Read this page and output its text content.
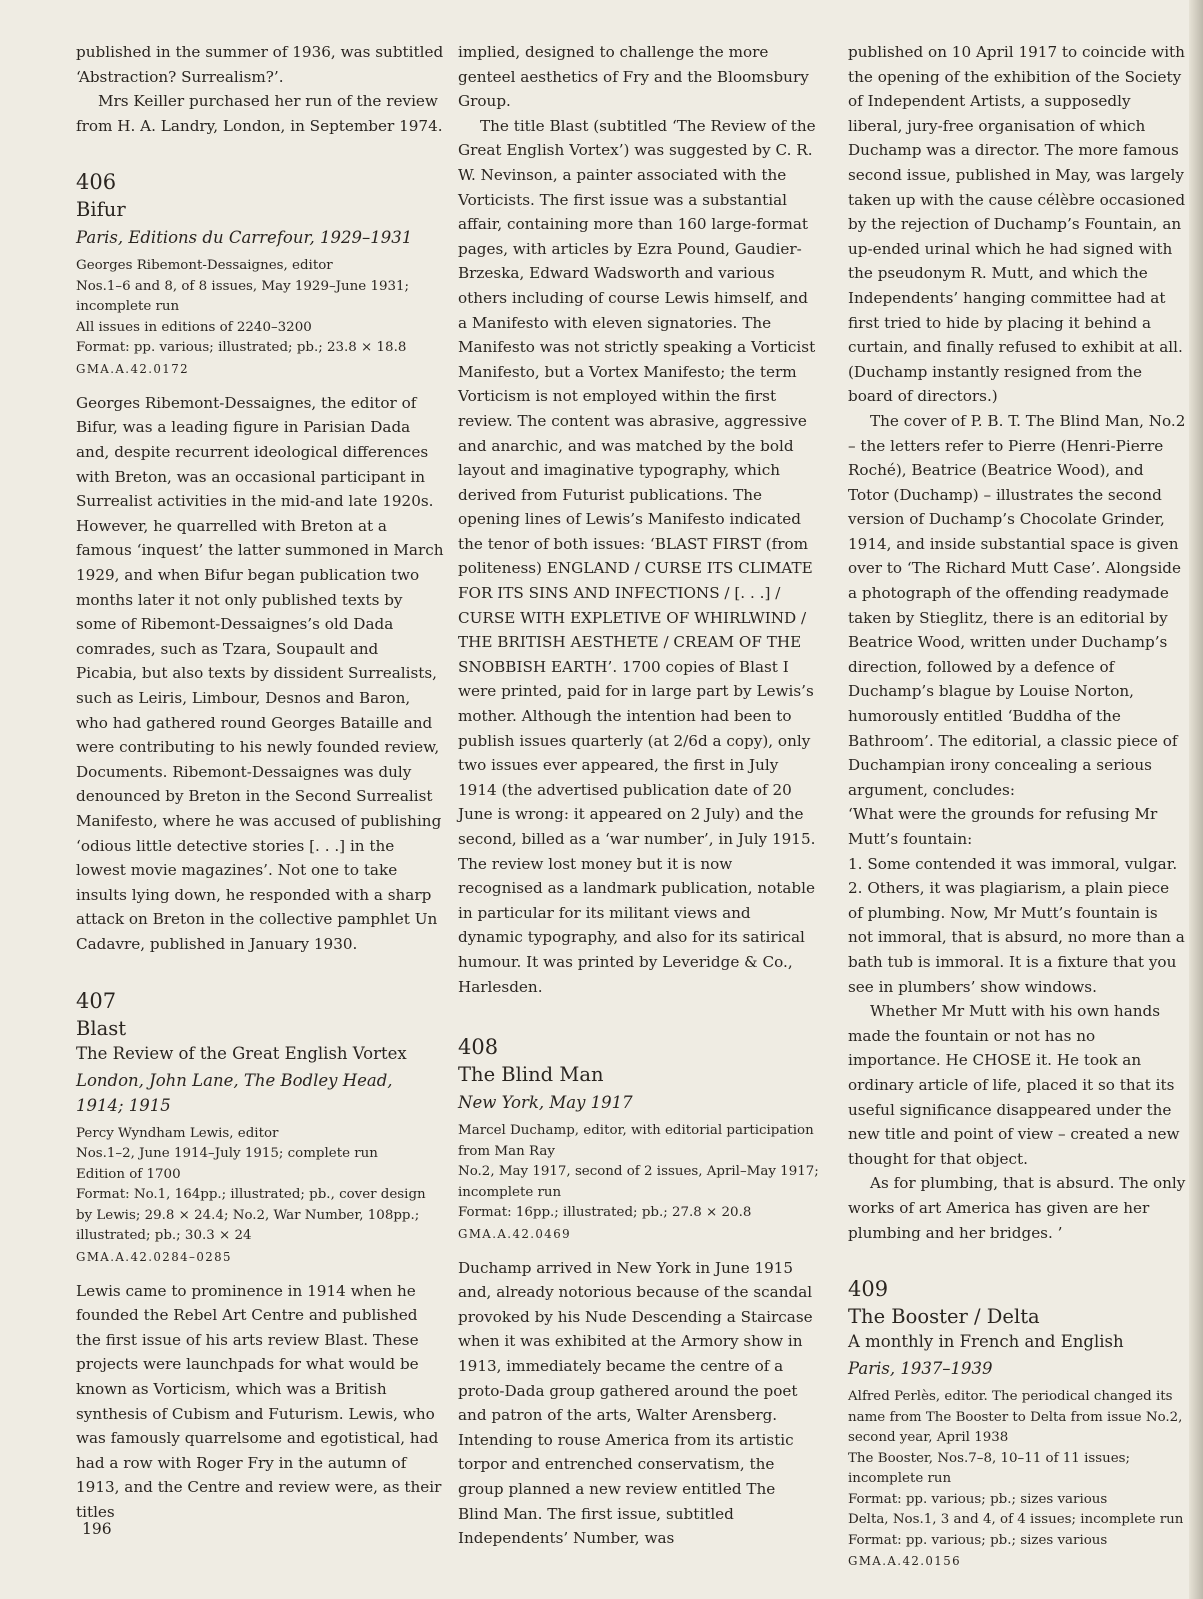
published in the summer of 1936, was subtitled ‘Abstraction? Surrealism?’.

Mrs Keiller purchased her run of the review from H. A. Landry, London, in September 1974.

406
Bifur
Paris, Editions du Carrefour, 1929–1931
Georges Ribemont-Dessaignes, editor
Nos.1–6 and 8, of 8 issues, May 1929–June 1931; incomplete run
All issues in editions of 2240–3200
Format: pp. various; illustrated; pb.; 23.8 × 18.8
GMA.A.42.0172

Georges Ribemont-Dessaignes, the editor of Bifur, was a leading figure in Parisian Dada and, despite recurrent ideological differences with Breton, was an occasional participant in Surrealist activities in the mid-and late 1920s. However, he quarrelled with Breton at a famous ‘inquest’ the latter summoned in March 1929, and when Bifur began publication two months later it not only published texts by some of Ribemont-Dessaignes’s old Dada comrades, such as Tzara, Soupault and Picabia, but also texts by dissident Surrealists, such as Leiris, Limbour, Desnos and Baron, who had gathered round Georges Bataille and were contributing to his newly founded review, Documents. Ribemont-Dessaignes was duly denounced by Breton in the Second Surrealist Manifesto, where he was accused of publishing ‘odious little detective stories [. . .] in the lowest movie magazines’. Not one to take insults lying down, he responded with a sharp attack on Breton in the collective pamphlet Un Cadavre, published in January 1930.

407
Blast
The Review of the Great English Vortex
London, John Lane, The Bodley Head, 1914; 1915
Percy Wyndham Lewis, editor
Nos.1–2, June 1914–July 1915; complete run
Edition of 1700
Format: No.1, 164pp.; illustrated; pb., cover design by Lewis; 29.8 × 24.4; No.2, War Number, 108pp.; illustrated; pb.; 30.3 × 24
GMA.A.42.0284–0285

Lewis came to prominence in 1914 when he founded the Rebel Art Centre and published the first issue of his arts review Blast. These projects were launchpads for what would be known as Vorticism, which was a British synthesis of Cubism and Futurism. Lewis, who was famously quarrelsome and egotistical, had had a row with Roger Fry in the autumn of 1913, and the Centre and review were, as their titles

implied, designed to challenge the more genteel aesthetics of Fry and the Bloomsbury Group.

The title Blast (subtitled ‘The Review of the Great English Vortex’) was suggested by C. R. W. Nevinson, a painter associated with the Vorticists. The first issue was a substantial affair, containing more than 160 large-format pages, with articles by Ezra Pound, Gaudier-Brzeska, Edward Wadsworth and various others including of course Lewis himself, and a Manifesto with eleven signatories. The Manifesto was not strictly speaking a Vorticist Manifesto, but a Vortex Manifesto; the term Vorticism is not employed within the first review. The content was abrasive, aggressive and anarchic, and was matched by the bold layout and imaginative typography, which derived from Futurist publications. The opening lines of Lewis’s Manifesto indicated the tenor of both issues: ‘BLAST FIRST (from politeness) ENGLAND / CURSE ITS CLIMATE FOR ITS SINS AND INFECTIONS / [. . .] / CURSE WITH EXPLETIVE OF WHIRLWIND / THE BRITISH AESTHETE / CREAM OF THE SNOBBISH EARTH’. 1700 copies of Blast I were printed, paid for in large part by Lewis’s mother. Although the intention had been to publish issues quarterly (at 2/6d a copy), only two issues ever appeared, the first in July 1914 (the advertised publication date of 20 June is wrong: it appeared on 2 July) and the second, billed as a ‘war number’, in July 1915. The review lost money but it is now recognised as a landmark publication, notable in particular for its militant views and dynamic typography, and also for its satirical humour. It was printed by Leveridge & Co., Harlesden.

408
The Blind Man
New York, May 1917
Marcel Duchamp, editor, with editorial participation from Man Ray
No.2, May 1917, second of 2 issues, April–May 1917; incomplete run
Format: 16pp.; illustrated; pb.; 27.8 × 20.8
GMA.A.42.0469

Duchamp arrived in New York in June 1915 and, already notorious because of the scandal provoked by his Nude Descending a Staircase when it was exhibited at the Armory show in 1913, immediately became the centre of a proto-Dada group gathered around the poet and patron of the arts, Walter Arensberg. Intending to rouse America from its artistic torpor and entrenched conservatism, the group planned a new review entitled The Blind Man. The first issue, subtitled Independents’ Number, was

published on 10 April 1917 to coincide with the opening of the exhibition of the Society of Independent Artists, a supposedly liberal, jury-free organisation of which Duchamp was a director. The more famous second issue, published in May, was largely taken up with the cause célèbre occasioned by the rejection of Duchamp’s Fountain, an up-ended urinal which he had signed with the pseudonym R. Mutt, and which the Independents’ hanging committee had at first tried to hide by placing it behind a curtain, and finally refused to exhibit at all. (Duchamp instantly resigned from the board of directors.)

The cover of P. B. T. The Blind Man, No.2 – the letters refer to Pierre (Henri-Pierre Roché), Beatrice (Beatrice Wood), and Totor (Duchamp) – illustrates the second version of Duchamp’s Chocolate Grinder, 1914, and inside substantial space is given over to ‘The Richard Mutt Case’. Alongside a photograph of the offending readymade taken by Stieglitz, there is an editorial by Beatrice Wood, written under Duchamp’s direction, followed by a defence of Duchamp’s blague by Louise Norton, humorously entitled ‘Buddha of the Bathroom’. The editorial, a classic piece of Duchampian irony concealing a serious argument, concludes:

‘What were the grounds for refusing Mr Mutt’s fountain:

1. Some contended it was immoral, vulgar.

2. Others, it was plagiarism, a plain piece of plumbing. Now, Mr Mutt’s fountain is not immoral, that is absurd, no more than a bath tub is immoral. It is a fixture that you see in plumbers’ show windows.

Whether Mr Mutt with his own hands made the fountain or not has no importance. He CHOSE it. He took an ordinary article of life, placed it so that its useful significance disappeared under the new title and point of view – created a new thought for that object.

As for plumbing, that is absurd. The only works of art America has given are her plumbing and her bridges. ’

409
The Booster / Delta
A monthly in French and English
Paris, 1937–1939
Alfred Perlès, editor. The periodical changed its name from The Booster to Delta from issue No.2, second year, April 1938
The Booster, Nos.7–8, 10–11 of 11 issues; incomplete run
Format: pp. various; pb.; sizes various
Delta, Nos.1, 3 and 4, of 4 issues; incomplete run
Format: pp. various; pb.; sizes various
GMA.A.42.0156
196
